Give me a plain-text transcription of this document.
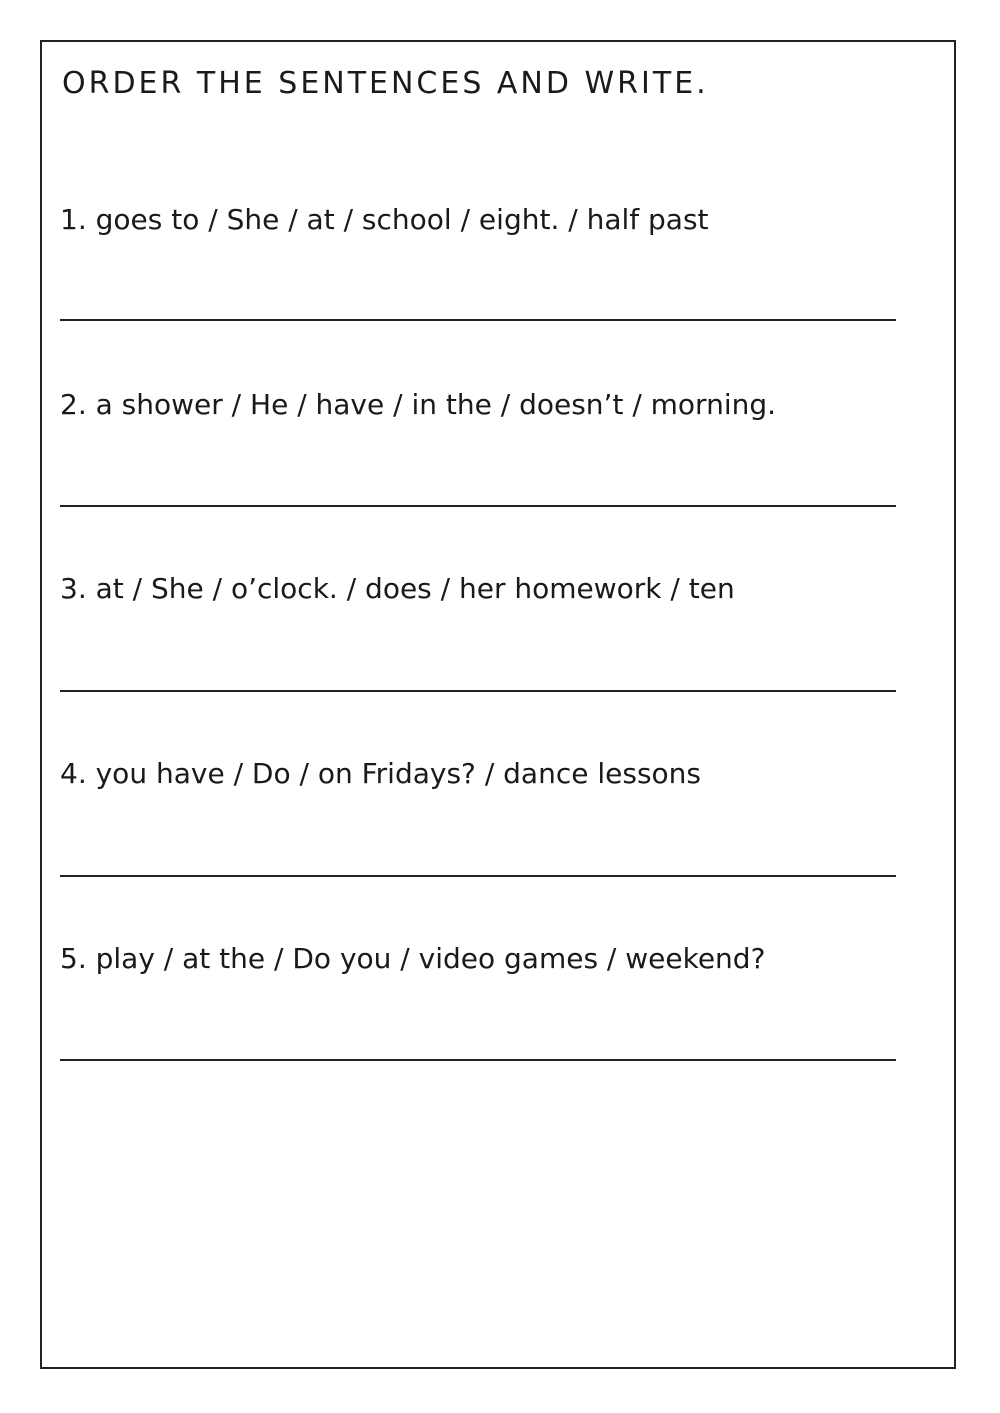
ORDER THE SENTENCES AND WRITE.

1. goes to / She / at / school / eight. / half past

2. a shower / He / have / in the / doesn’t / morning.

3. at / She / o’clock. / does / her homework / ten

4. you have / Do / on Fridays? / dance lessons

5. play / at the / Do you / video games / weekend?
